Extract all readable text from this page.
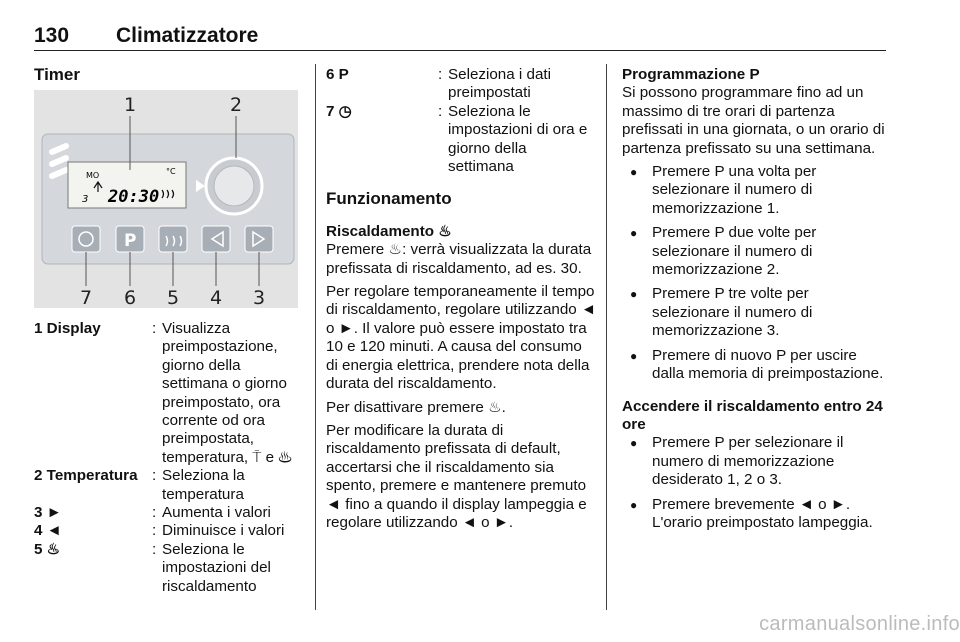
130 Climatizzatore
Timer
MO	°C
3 20:30
P
1	2
7 6 5 4 3
1 Display	: Visualizza preimpostazione, giorno della settimana o giorno preimpostato, ora corrente od ora preimpostata, temperatura, ⍑ e ♨
2 Temperatura : Seleziona la temperatura
3 ►	: Aumenta i valori
4 ◄	: Diminuisce i valori
5 ♨	: Seleziona le impostazioni del riscaldamento
6 P	: Seleziona i dati preimpostati
7 ◷	: Seleziona le impostazioni di ora e giorno della settimana
Funzionamento
Riscaldamento ♨

Premere ♨: verrà visualizzata la durata prefissata di riscaldamento, ad es. 30.

Per regolare temporaneamente il tempo di riscaldamento, regolare utilizzando ◄ o ►. Il valore può essere impostato tra 10 e 120 minuti. A causa del consumo di energia elettrica, prendere nota della durata del riscaldamento.

Per disattivare premere ♨.

Per modificare la durata di riscaldamento prefissata di default, accertarsi che il riscaldamento sia spento, premere e mantenere premuto ◄ fino a quando il display lampeggia e regolare utilizzando ◄ o ►.

Programmazione P

Si possono programmare fino ad un massimo di tre orari di partenza prefissati in una giornata, o un orario di partenza prefissato su una settimana.

● Premere P una volta per selezionare il numero di memorizzazione 1.
● Premere P due volte per selezionare il numero di memorizzazione 2.
● Premere P tre volte per selezionare il numero di memorizzazione 3.
● Premere di nuovo P per uscire dalla memoria di preimpostazione.
Accendere il riscaldamento entro 24 ore
● Premere P per selezionare il numero di memorizzazione desiderato 1, 2 o 3.
● Premere brevemente ◄ o ►. L'orario preimpostato lampeggia.
carmanualsonline.info
